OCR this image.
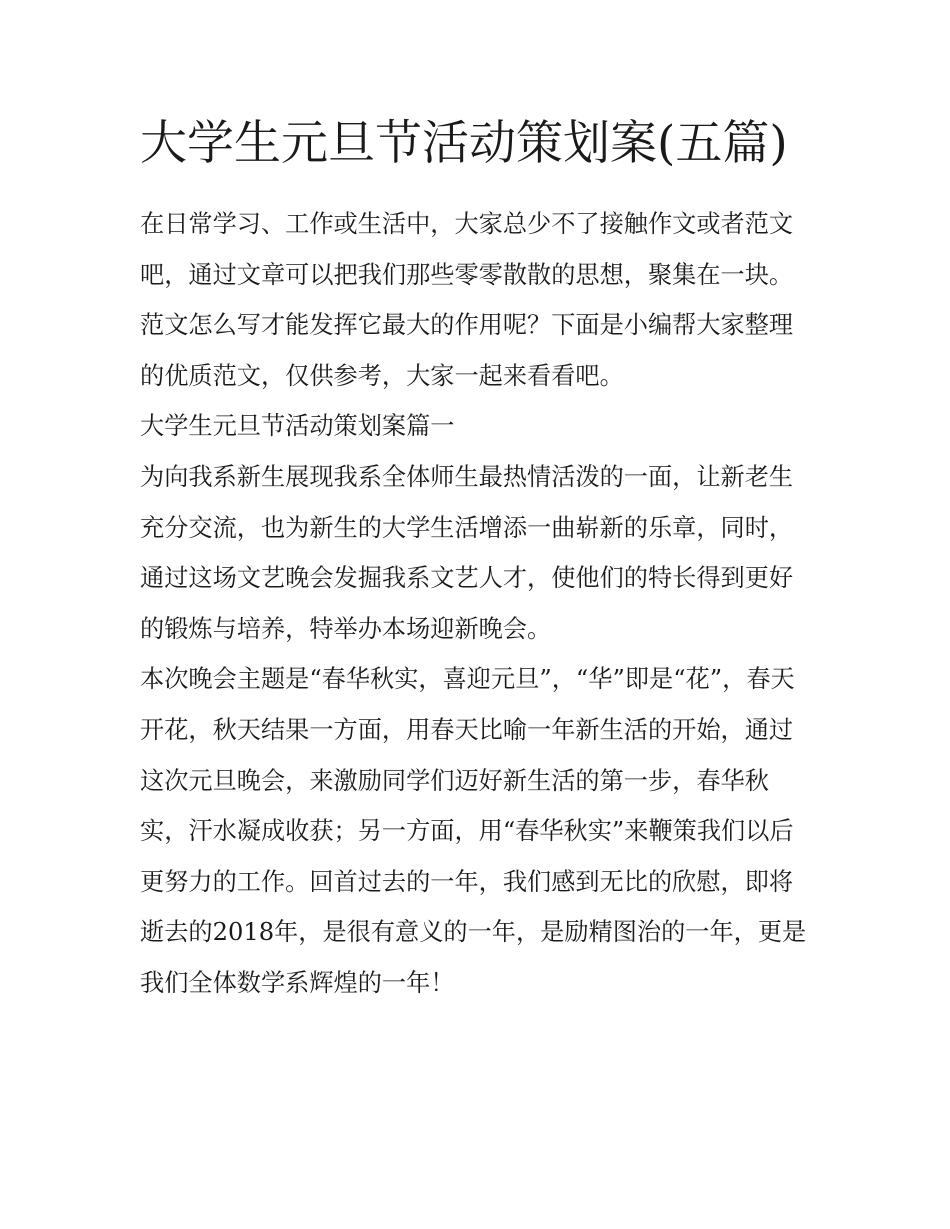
大学生元旦节活动策划案(五篇)

在日常学习、工作或生活中，大家总少不了接触作文或者范文吧，通过文章可以把我们那些零零散散的思想，聚集在一块。范文怎么写才能发挥它最大的作用呢？下面是小编帮大家整理的优质范文，仅供参考，大家一起来看看吧。

大学生元旦节活动策划案篇一

为向我系新生展现我系全体师生最热情活泼的一面，让新老生充分交流，也为新生的大学生活增添一曲崭新的乐章，同时，通过这场文艺晚会发掘我系文艺人才，使他们的特长得到更好的锻炼与培养，特举办本场迎新晚会。

本次晚会主题是“春华秋实，喜迎元旦”，“华”即是“花”，春天开花，秋天结果一方面，用春天比喻一年新生活的开始，通过这次元旦晚会，来激励同学们迈好新生活的第一步，春华秋实，汗水凝成收获；另一方面，用“春华秋实”来鞭策我们以后更努力的工作。回首过去的一年，我们感到无比的欣慰，即将逝去的2018年，是很有意义的一年，是励精图治的一年，更是我们全体数学系辉煌的一年！
